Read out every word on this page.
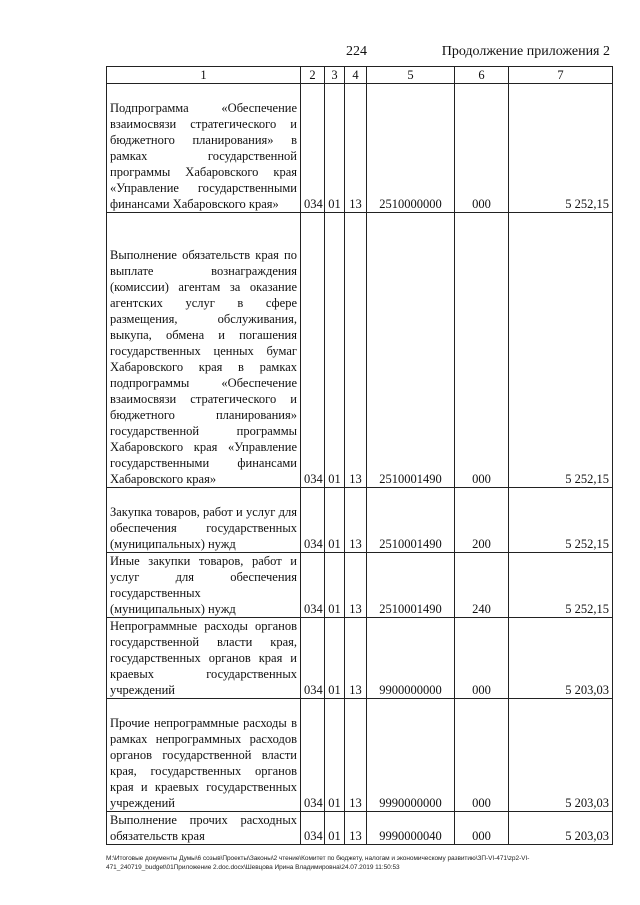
224	Продолжение приложения 2
1	2	3	4	5	6	7
Подпрограмма «Обеспечение взаимосвязи стратегического и бюджетного планирования» в рамках государственной программы Хабаровского края «Управление государственными финансами Хабаровского края»	034	01	13	2510000000	000	5 252,15
Выполнение обязательств края по выплате вознаграждения (комиссии) агентам за оказание агентских услуг в сфере размещения, обслуживания, выкупа, обмена и погашения государственных ценных бумаг Хабаровского края в рамках подпрограммы «Обеспечение взаимосвязи стратегического и бюджетного планирования» государственной программы Хабаровского края «Управление государственными финансами Хабаровского края»	034	01	13	2510001490	000	5 252,15
Закупка товаров, работ и услуг для обеспечения государственных (муниципальных) нужд	034	01	13	2510001490	200	5 252,15
Иные закупки товаров, работ и услуг для обеспечения государственных (муниципальных) нужд	034	01	13	2510001490	240	5 252,15
Непрограммные расходы органов государственной власти края, государственных органов края и краевых государственных учреждений	034	01	13	9900000000	000	5 203,03
Прочие непрограммные расходы в рамках непрограммных расходов органов государственной власти края, государственных органов края и краевых государственных учреждений	034	01	13	9990000000	000	5 203,03
Выполнение прочих расходных обязательств края	034	01	13	9990000040	000	5 203,03
M:\Итоговые документы Думы\6 созыв\Проекты\Законы\2 чтение\Комитет по бюджету, налогам и экономическому развитию\ЗП-VI-471\zp2-VI-471_240719_budget\01Приложение 2.doc.docx\Шевцова Ирина Владимировна\24.07.2019 11:50:53
